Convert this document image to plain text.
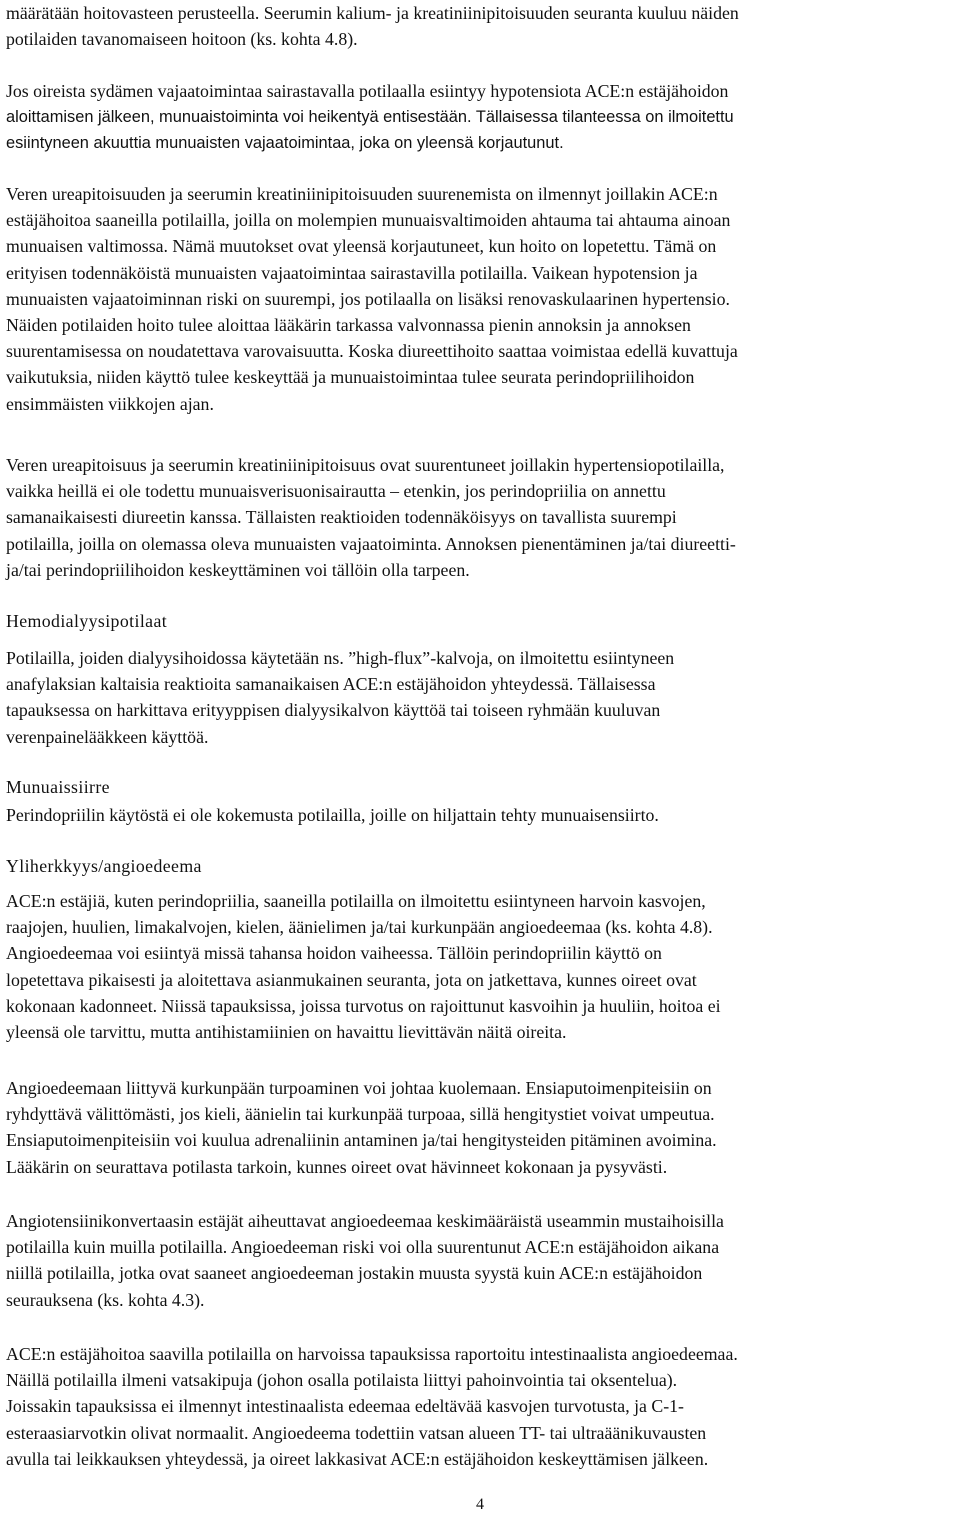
määrätään hoitovasteen perusteella. Seerumin kalium- ja kreatiniinipitoisuuden seuranta kuuluu näiden
potilaiden tavanomaiseen hoitoon (ks. kohta 4.8).
Jos oireista sydämen vajaatoimintaa sairastavalla potilaalla esiintyy hypotensiota ACE:n estäjähoidon
aloittamisen jälkeen, munuaistoiminta voi heikentyä entisestään. Tällaisessa tilanteessa on ilmoitettu
esiintyneen akuuttia munuaisten vajaatoimintaa, joka on yleensä korjautunut.
Veren ureapitoisuuden ja seerumin kreatiniinipitoisuuden suurenemista on ilmennyt joillakin ACE:n
estäjähoitoa saaneilla potilailla, joilla on molempien munuaisvaltimoiden ahtauma tai ahtauma ainoan
munuaisen valtimossa. Nämä muutokset ovat yleensä korjautuneet, kun hoito on lopetettu. Tämä on
erityisen todennäköistä munuaisten vajaatoimintaa sairastavilla potilailla. Vaikean hypotension ja
munuaisten vajaatoiminnan riski on suurempi, jos potilaalla on lisäksi renovaskulaarinen hypertensio.
Näiden potilaiden hoito tulee aloittaa lääkärin tarkassa valvonnassa pienin annoksin ja annoksen
suurentamisessa on noudatettava varovaisuutta. Koska diureettihoito saattaa voimistaa edellä kuvattuja
vaikutuksia, niiden käyttö tulee keskeyttää ja munuaistoimintaa tulee seurata perindopriilihoidon
ensimmäisten viikkojen ajan.
Veren ureapitoisuus ja seerumin kreatiniinipitoisuus ovat suurentuneet joillakin hypertensiopotilailla,
vaikka heillä ei ole todettu munuaisverisuonisairautta – etenkin, jos perindopriilia on annettu
samanaikaisesti diureetin kanssa. Tällaisten reaktioiden todennäköisyys on tavallista suurempi
potilailla, joilla on olemassa oleva munuaisten vajaatoiminta. Annoksen pienentäminen ja/tai diureetti-
ja/tai perindopriilihoidon keskeyttäminen voi tällöin olla tarpeen.
Hemodialyysipotilaat
Potilailla, joiden dialyysihoidossa käytetään ns. ”high-flux”-kalvoja, on ilmoitettu esiintyneen
anafylaksian kaltaisia reaktioita samanaikaisen ACE:n estäjähoidon yhteydessä. Tällaisessa
tapauksessa on harkittava erityyppisen dialyysikalvon käyttöä tai toiseen ryhmään kuuluvan
verenpainelääkkeen käyttöä.
Munuaissiirre
Perindopriilin käytöstä ei ole kokemusta potilailla, joille on hiljattain tehty munuaisensiirto.
Yliherkkyys/angioedeema
ACE:n estäjiä, kuten perindopriilia, saaneilla potilailla on ilmoitettu esiintyneen harvoin kasvojen,
raajojen, huulien, limakalvojen, kielen, äänielimen ja/tai kurkunpään angioedeemaa (ks. kohta 4.8).
Angioedeemaa voi esiintyä missä tahansa hoidon vaiheessa. Tällöin perindopriilin käyttö on
lopetettava pikaisesti ja aloitettava asianmukainen seuranta, jota on jatkettava, kunnes oireet ovat
kokonaan kadonneet. Niissä tapauksissa, joissa turvotus on rajoittunut kasvoihin ja huuliin, hoitoa ei
yleensä ole tarvittu, mutta antihistamiinien on havaittu lievittävän näitä oireita.
Angioedeemaan liittyvä kurkunpään turpoaminen voi johtaa kuolemaan. Ensiaputoimenpiteisiin on
ryhdyttävä välittömästi, jos kieli, äänielin tai kurkunpää turpoaa, sillä hengitystiet voivat umpeutua.
Ensiaputoimenpiteisiin voi kuulua adrenaliinin antaminen ja/tai hengitysteiden pitäminen avoimina.
Lääkärin on seurattava potilasta tarkoin, kunnes oireet ovat hävinneet kokonaan ja pysyvästi.
Angiotensiinikonvertaasin estäjät aiheuttavat angioedeemaa keskimääräistä useammin mustaihoisilla
potilailla kuin muilla potilailla. Angioedeeman riski voi olla suurentunut ACE:n estäjähoidon aikana
niillä potilailla, jotka ovat saaneet angioedeeman jostakin muusta syystä kuin ACE:n estäjähoidon
seurauksena (ks. kohta 4.3).
ACE:n estäjähoitoa saavilla potilailla on harvoissa tapauksissa raportoitu intestinaalista angioedeemaa.
Näillä potilailla ilmeni vatsakipuja (johon osalla potilaista liittyi pahoinvointia tai oksentelua).
Joissakin tapauksissa ei ilmennyt intestinaalista edeemaa edeltävää kasvojen turvotusta, ja C-1-
esteraasiarvotkin olivat normaalit. Angioedeema todettiin vatsan alueen TT- tai ultraäänikuvausten
avulla tai leikkauksen yhteydessä, ja oireet lakkasivat ACE:n estäjähoidon keskeyttämisen jälkeen.
4
